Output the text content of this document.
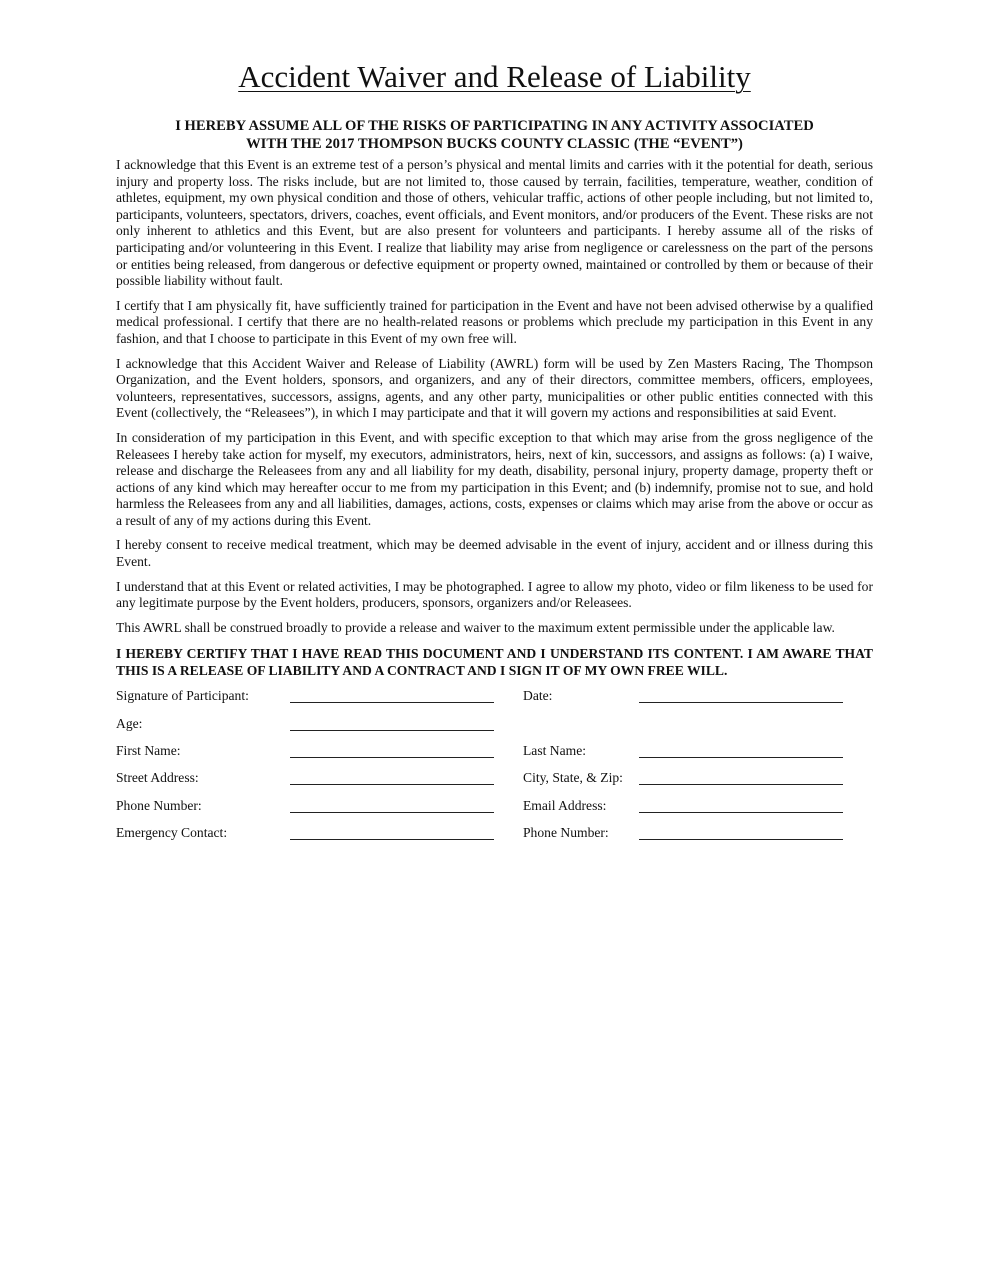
Accident Waiver and Release of Liability
I HEREBY ASSUME ALL OF THE RISKS OF PARTICIPATING IN ANY ACTIVITY ASSOCIATED
WITH THE 2017 THOMPSON BUCKS COUNTY CLASSIC (THE “EVENT”)

I acknowledge that this Event is an extreme test of a person’s physical and mental limits and carries with it the potential for death, serious injury and property loss. The risks include, but are not limited to, those caused by terrain, facilities, temperature, weather, condition of athletes, equipment, my own physical condition and those of others, vehicular traffic, actions of other people including, but not limited to, participants, volunteers, spectators, drivers, coaches, event officials, and Event monitors, and/or producers of the Event. These risks are not only inherent to athletics and this Event, but are also present for volunteers and participants. I hereby assume all of the risks of participating and/or volunteering in this Event. I realize that liability may arise from negligence or carelessness on the part of the persons or entities being released, from dangerous or defective equipment or property owned, maintained or controlled by them or because of their possible liability without fault.

I certify that I am physically fit, have sufficiently trained for participation in the Event and have not been advised otherwise by a qualified medical professional. I certify that there are no health-related reasons or problems which preclude my participation in this Event in any fashion, and that I choose to participate in this Event of my own free will.

I acknowledge that this Accident Waiver and Release of Liability (AWRL) form will be used by Zen Masters Racing, The Thompson Organization, and the Event holders, sponsors, and organizers, and any of their directors, committee members, officers, employees, volunteers, representatives, successors, assigns, agents, and any other party, municipalities or other public entities connected with this Event (collectively, the “Releasees”), in which I may participate and that it will govern my actions and responsibilities at said Event.

In consideration of my participation in this Event, and with specific exception to that which may arise from the gross negligence of the Releasees I hereby take action for myself, my executors, administrators, heirs, next of kin, successors, and assigns as follows: (a) I waive, release and discharge the Releasees from any and all liability for my death, disability, personal injury, property damage, property theft or actions of any kind which may hereafter occur to me from my participation in this Event; and (b) indemnify, promise not to sue, and hold harmless the Releasees from any and all liabilities, damages, actions, costs, expenses or claims which may arise from the above or occur as a result of any of my actions during this Event.

I hereby consent to receive medical treatment, which may be deemed advisable in the event of injury, accident and or illness during this Event.

I understand that at this Event or related activities, I may be photographed. I agree to allow my photo, video or film likeness to be used for any legitimate purpose by the Event holders, producers, sponsors, organizers and/or Releasees.

This AWRL shall be construed broadly to provide a release and waiver to the maximum extent permissible under the applicable law.

I HEREBY CERTIFY THAT I HAVE READ THIS DOCUMENT AND I UNDERSTAND ITS CONTENT. I AM AWARE THAT THIS IS A RELEASE OF LIABILITY AND A CONTRACT AND I SIGN IT OF MY OWN FREE WILL.

Signature of Participant:	Date:
Age:
First Name:	Last Name:
Street Address:	City, State, & Zip:
Phone Number:	Email Address:
Emergency Contact:	Phone Number:
